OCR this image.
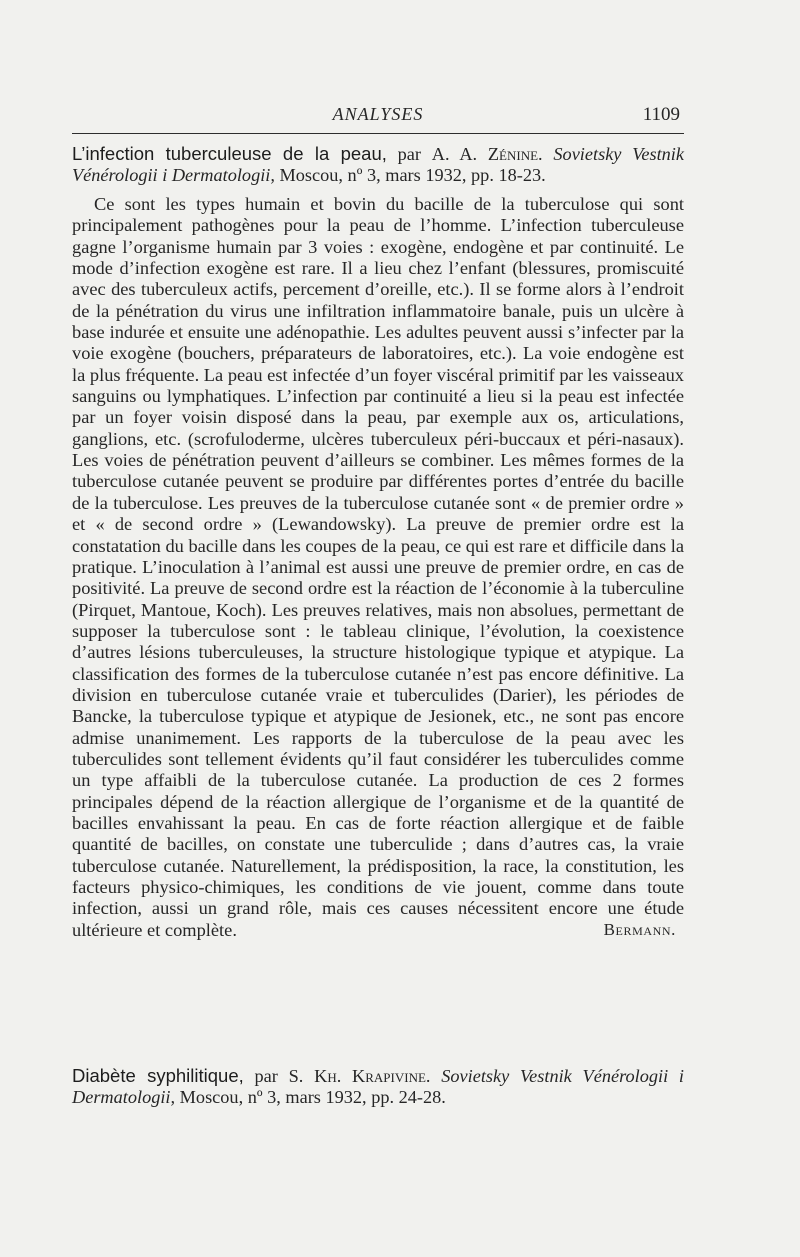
ANALYSES	1109

L’infection tuberculeuse de la peau, par A. A. Zénine. Sovietsky Vestnik Vénérologii i Dermatologii, Moscou, nº 3, mars 1932, pp. 18-23.

Ce sont les types humain et bovin du bacille de la tuberculose qui sont principalement pathogènes pour la peau de l’homme. L’infection tuberculeuse gagne l’organisme humain par 3 voies : exogène, endogène et par continuité. Le mode d’infection exogène est rare. Il a lieu chez l’enfant (blessures, promiscuité avec des tuberculeux actifs, percement d’oreille, etc.). Il se forme alors à l’endroit de la pénétration du virus une infiltration inflammatoire banale, puis un ulcère à base indurée et ensuite une adénopathie. Les adultes peuvent aussi s’infecter par la voie exogène (bouchers, préparateurs de laboratoires, etc.). La voie endogène est la plus fréquente. La peau est infectée d’un foyer viscéral primitif par les vaisseaux sanguins ou lymphatiques. L’infection par continuité a lieu si la peau est infectée par un foyer voisin disposé dans la peau, par exemple aux os, articulations, ganglions, etc. (scrofuloderme, ulcères tuberculeux péri-buccaux et péri-nasaux). Les voies de pénétration peuvent d’ailleurs se combiner. Les mêmes formes de la tuberculose cutanée peuvent se produire par différentes portes d’entrée du bacille de la tuberculose. Les preuves de la tuberculose cutanée sont « de premier ordre » et « de second ordre » (Lewandowsky). La preuve de premier ordre est la constatation du bacille dans les coupes de la peau, ce qui est rare et difficile dans la pratique. L’inoculation à l’animal est aussi une preuve de premier ordre, en cas de positivité. La preuve de second ordre est la réaction de l’économie à la tuberculine (Pirquet, Mantoue, Koch). Les preuves relatives, mais non absolues, permettant de supposer la tuberculose sont : le tableau clinique, l’évolution, la coexistence d’autres lésions tuberculeuses, la structure histologique typique et atypique. La classification des formes de la tuberculose cutanée n’est pas encore définitive. La division en tuberculose cutanée vraie et tuberculides (Darier), les périodes de Bancke, la tuberculose typique et atypique de Jesionek, etc., ne sont pas encore admise unanimement. Les rapports de la tuberculose de la peau avec les tuberculides sont tellement évidents qu’il faut considérer les tuberculides comme un type affaibli de la tuberculose cutanée. La production de ces 2 formes principales dépend de la réaction allergique de l’organisme et de la quantité de bacilles envahissant la peau. En cas de forte réaction allergique et de faible quantité de bacilles, on constate une tuberculide ; dans d’autres cas, la vraie tuberculose cutanée. Naturellement, la prédisposition, la race, la constitution, les facteurs physico-chimiques, les conditions de vie jouent, comme dans toute infection, aussi un grand rôle, mais ces causes nécessitent encore une étude ultérieure et complète.	Bermann.

Diabète syphilitique, par S. Kh. Krapivine. Sovietsky Vestnik Vénérologii i Dermatologii, Moscou, nº 3, mars 1932, pp. 24-28.
